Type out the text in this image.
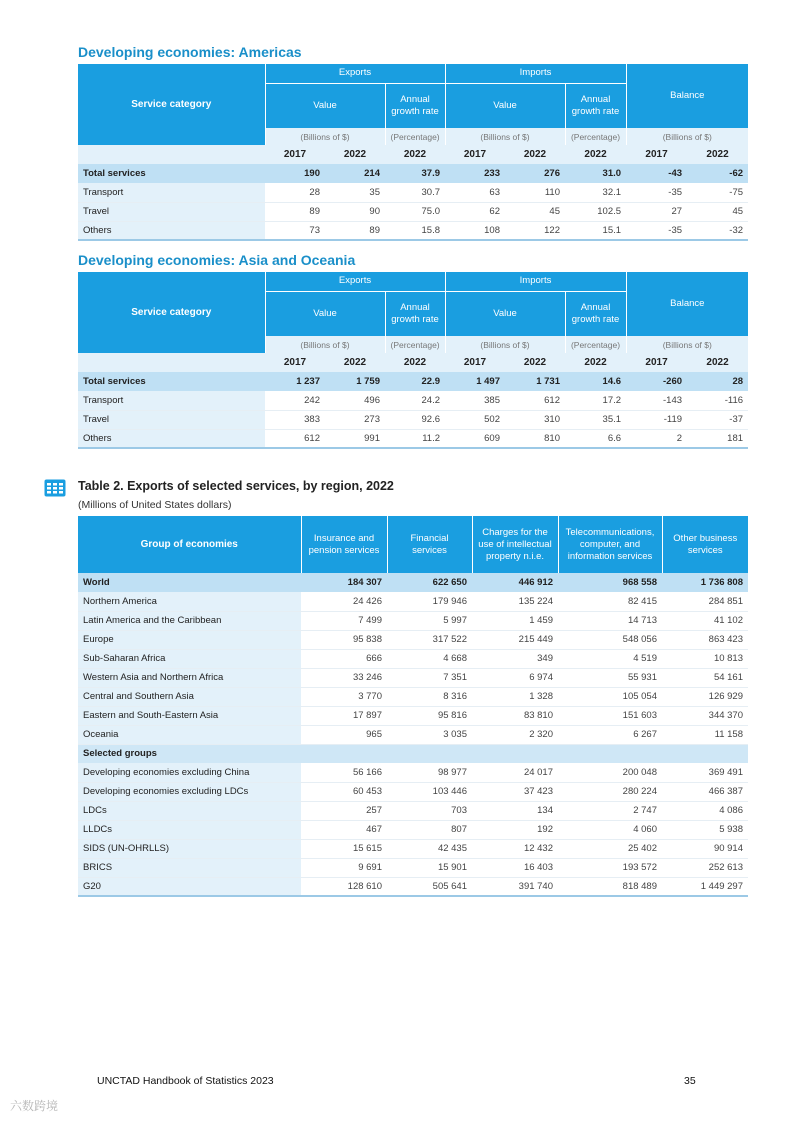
Developing economies: Americas
Service category	Exports			Imports			Balance	
	Value		Annual growth rate	Value		Annual growth rate		
	(Billions of $)		(Percentage)	(Billions of $)		(Percentage)	(Billions of $)	
	2017	2022	2022	2017	2022	2022	2017	2022
Total services	190	214	37.9	233	276	31.0	-43	-62
Transport	28	35	30.7	63	110	32.1	-35	-75
Travel	89	90	75.0	62	45	102.5	27	45
Others	73	89	15.8	108	122	15.1	-35	-32
Developing economies: Asia and Oceania
Service category	Exports			Imports			Balance	
	Value		Annual growth rate	Value		Annual growth rate		
	(Billions of $)		(Percentage)	(Billions of $)		(Percentage)	(Billions of $)	
	2017	2022	2022	2017	2022	2022	2017	2022
Total services	1 237	1 759	22.9	1 497	1 731	14.6	-260	28
Transport	242	496	24.2	385	612	17.2	-143	-116
Travel	383	273	92.6	502	310	35.1	-119	-37
Others	612	991	11.2	609	810	6.6	2	181
Table 2. Exports of selected services, by region, 2022

(Millions of United States dollars)

Group of economies	Insurance and pension services	Financial services	Charges for the use of intellectual property n.i.e.	Telecommunications, computer, and information services	Other business services
World	184 307	622 650	446 912	968 558	1 736 808
Northern America	24 426	179 946	135 224	82 415	284 851
Latin America and the Caribbean	7 499	5 997	1 459	14 713	41 102
Europe	95 838	317 522	215 449	548 056	863 423
Sub-Saharan Africa	666	4 668	349	4 519	10 813
Western Asia and Northern Africa	33 246	7 351	6 974	55 931	54 161
Central and Southern Asia	3 770	8 316	1 328	105 054	126 929
Eastern and South-Eastern Asia	17 897	95 816	83 810	151 603	344 370
Oceania	965	3 035	2 320	6 267	11 158
Selected groups					
Developing economies excluding China	56 166	98 977	24 017	200 048	369 491
Developing economies excluding LDCs	60 453	103 446	37 423	280 224	466 387
LDCs	257	703	134	2 747	4 086
LLDCs	467	807	192	4 060	5 938
SIDS (UN-OHRLLS)	15 615	42 435	12 432	25 402	90 914
BRICS	9 691	15 901	16 403	193 572	252 613
G20	128 610	505 641	391 740	818 489	1 449 297
UNCTAD Handbook of Statistics 2023	35
六数跨境
